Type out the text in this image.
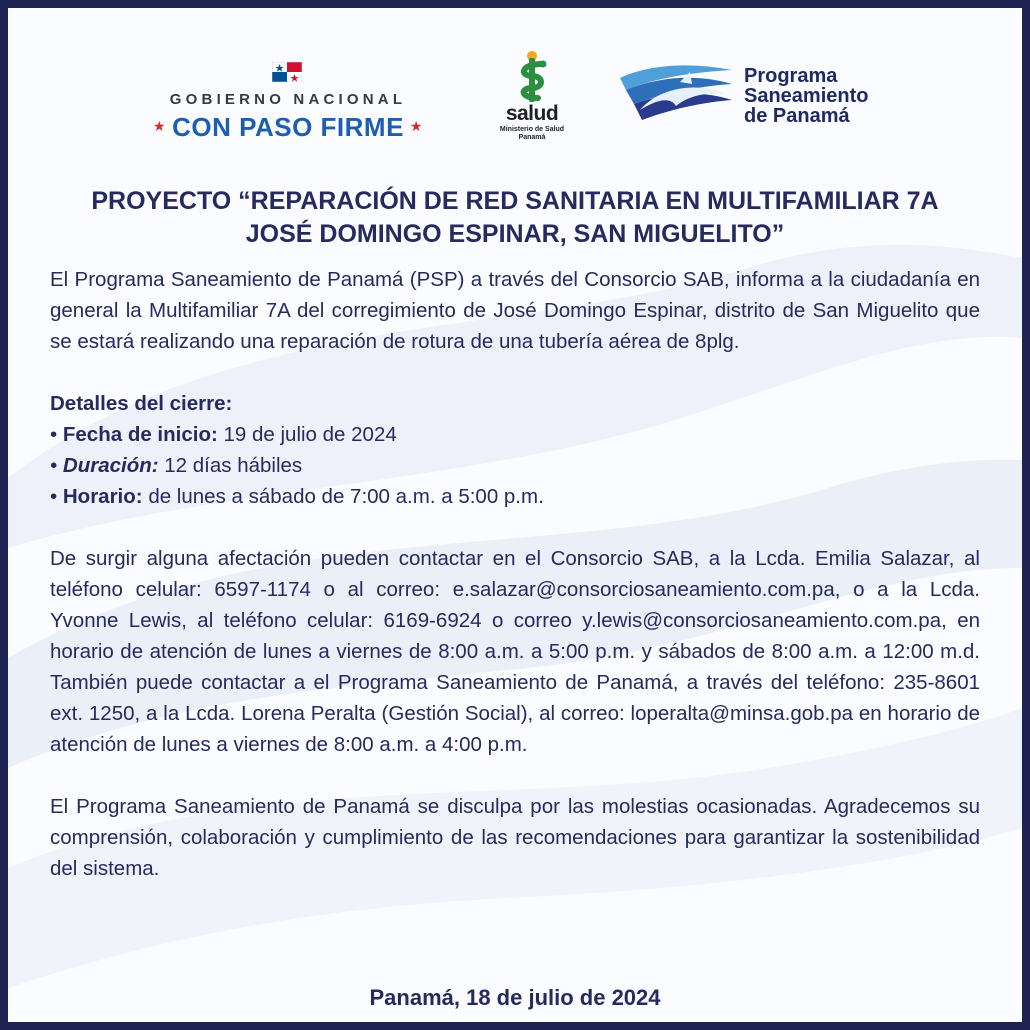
GOBIERNO NACIONAL
★ CON PASO FIRME ★
salud
Ministerio de Salud
Panamá
Programa
Saneamiento
de Panamá
PROYECTO “REPARACIÓN DE RED SANITARIA EN MULTIFAMILIAR 7A
JOSÉ DOMINGO ESPINAR, SAN MIGUELITO”

El Programa Saneamiento de Panamá (PSP) a través del Consorcio SAB, informa a la ciudadanía en general la Multifamiliar 7A del corregimiento de José Domingo Espinar, distrito de San Miguelito que se estará realizando una reparación de rotura de una tubería aérea de 8plg.

Detalles del cierre:
• Fecha de inicio: 19 de julio de 2024
• Duración: 12 días hábiles
• Horario: de lunes a sábado de 7:00 a.m. a 5:00 p.m.

De surgir alguna afectación pueden contactar en el Consorcio SAB, a la Lcda. Emilia Salazar, al teléfono celular: 6597-1174 o al correo: e.salazar@consorciosaneamiento.com.pa, o a la Lcda. Yvonne Lewis, al teléfono celular: 6169-6924 o correo y.lewis@consorciosaneamiento.com.pa, en horario de atención de lunes a viernes de 8:00 a.m. a 5:00 p.m. y sábados de 8:00 a.m. a 12:00 m.d. También puede contactar a el Programa Saneamiento de Panamá, a través del teléfono: 235-8601 ext. 1250, a la Lcda. Lorena Peralta (Gestión Social), al correo: loperalta@minsa.gob.pa en horario de atención de lunes a viernes de 8:00 a.m. a 4:00 p.m.

El Programa Saneamiento de Panamá se disculpa por las molestias ocasionadas. Agradecemos su comprensión, colaboración y cumplimiento de las recomendaciones para garantizar la sostenibilidad del sistema.

Panamá, 18 de julio de 2024
